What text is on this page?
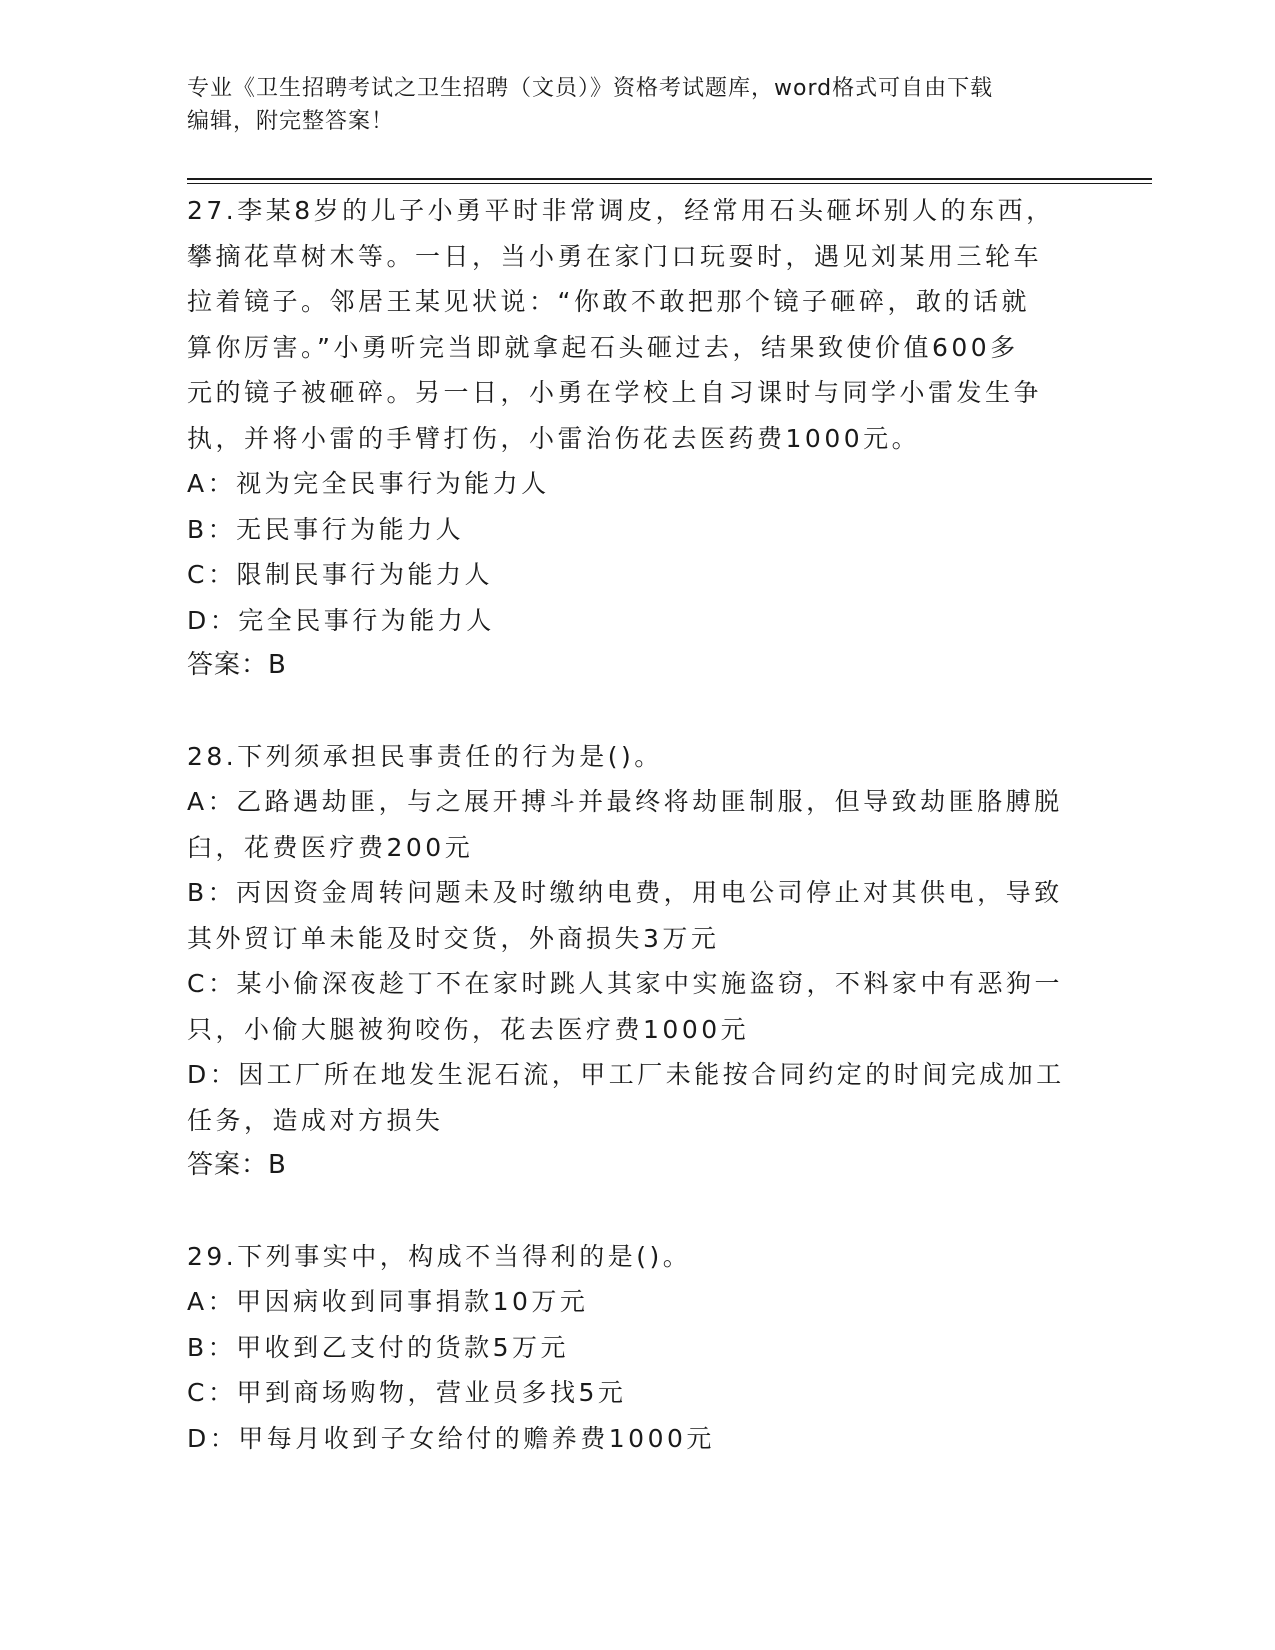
专业《卫生招聘考试之卫生招聘（文员）》资格考试题库，word格式可自由下载
编辑，附完整答案！
27.李某8岁的儿子小勇平时非常调皮，经常用石头砸坏别人的东西，
攀摘花草树木等。一日，当小勇在家门口玩耍时，遇见刘某用三轮车
拉着镜子。邻居王某见状说：“你敢不敢把那个镜子砸碎，敢的话就
算你厉害。”小勇听完当即就拿起石头砸过去，结果致使价值600多
元的镜子被砸碎。另一日，小勇在学校上自习课时与同学小雷发生争
执，并将小雷的手臂打伤，小雷治伤花去医药费1000元。
A：视为完全民事行为能力人
B：无民事行为能力人
C：限制民事行为能力人
D：完全民事行为能力人
答案：B
28.下列须承担民事责任的行为是()。
A：乙路遇劫匪，与之展开搏斗并最终将劫匪制服，但导致劫匪胳膊脱
臼，花费医疗费200元
B：丙因资金周转问题未及时缴纳电费，用电公司停止对其供电，导致
其外贸订单未能及时交货，外商损失3万元
C：某小偷深夜趁丁不在家时跳人其家中实施盗窃，不料家中有恶狗一
只，小偷大腿被狗咬伤，花去医疗费1000元
D：因工厂所在地发生泥石流，甲工厂未能按合同约定的时间完成加工
任务，造成对方损失
答案：B
29.下列事实中，构成不当得利的是()。
A：甲因病收到同事捐款10万元
B：甲收到乙支付的货款5万元
C：甲到商场购物，营业员多找5元
D：甲每月收到子女给付的赡养费1000元
